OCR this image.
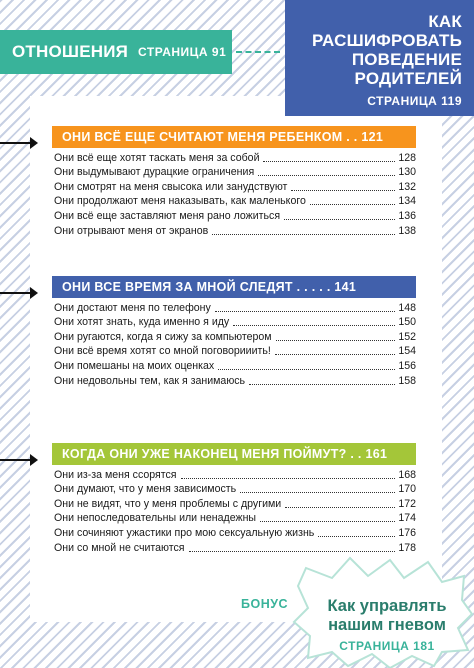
ОТНОШЕНИЯ СТРАНИЦА 91
КАК
РАСШИФРОВАТЬ
ПОВЕДЕНИЕ
РОДИТЕЛЕЙ
СТРАНИЦА 119
ОНИ ВСЁ ЕЩЕ СЧИТАЮТ МЕНЯ РЕБЕНКОМ . . 121
Они всё еще хотят таскать меня за собой	128
Они выдумывают дурацкие ограничения	130
Они смотрят на меня свысока или занудствуют	132
Они продолжают меня наказывать, как маленького	134
Они всё еще заставляют меня рано ложиться	136
Они отрывают меня от экранов	138
ОНИ ВСЕ ВРЕМЯ ЗА МНОЙ СЛЕДЯТ . . . . . 141
Они достают меня по телефону	148
Они хотят знать, куда именно я иду	150
Они ругаются, когда я сижу за компьютером	152
Они всё время хотят со мной поговорииить!	154
Они помешаны на моих оценках	156
Они недовольны тем, как я занимаюсь	158
КОГДА ОНИ УЖЕ НАКОНЕЦ МЕНЯ ПОЙМУТ? . . 161
Они из-за меня ссорятся	168
Они думают, что у меня зависимость	170
Они не видят, что у меня проблемы с другими	172
Они непоследовательны или ненадежны	174
Они сочиняют ужастики про мою сексуальную жизнь	176
Они со мной не считаются	178
БОНУС	Как управлять
нашим гневом
СТРАНИЦА 181
